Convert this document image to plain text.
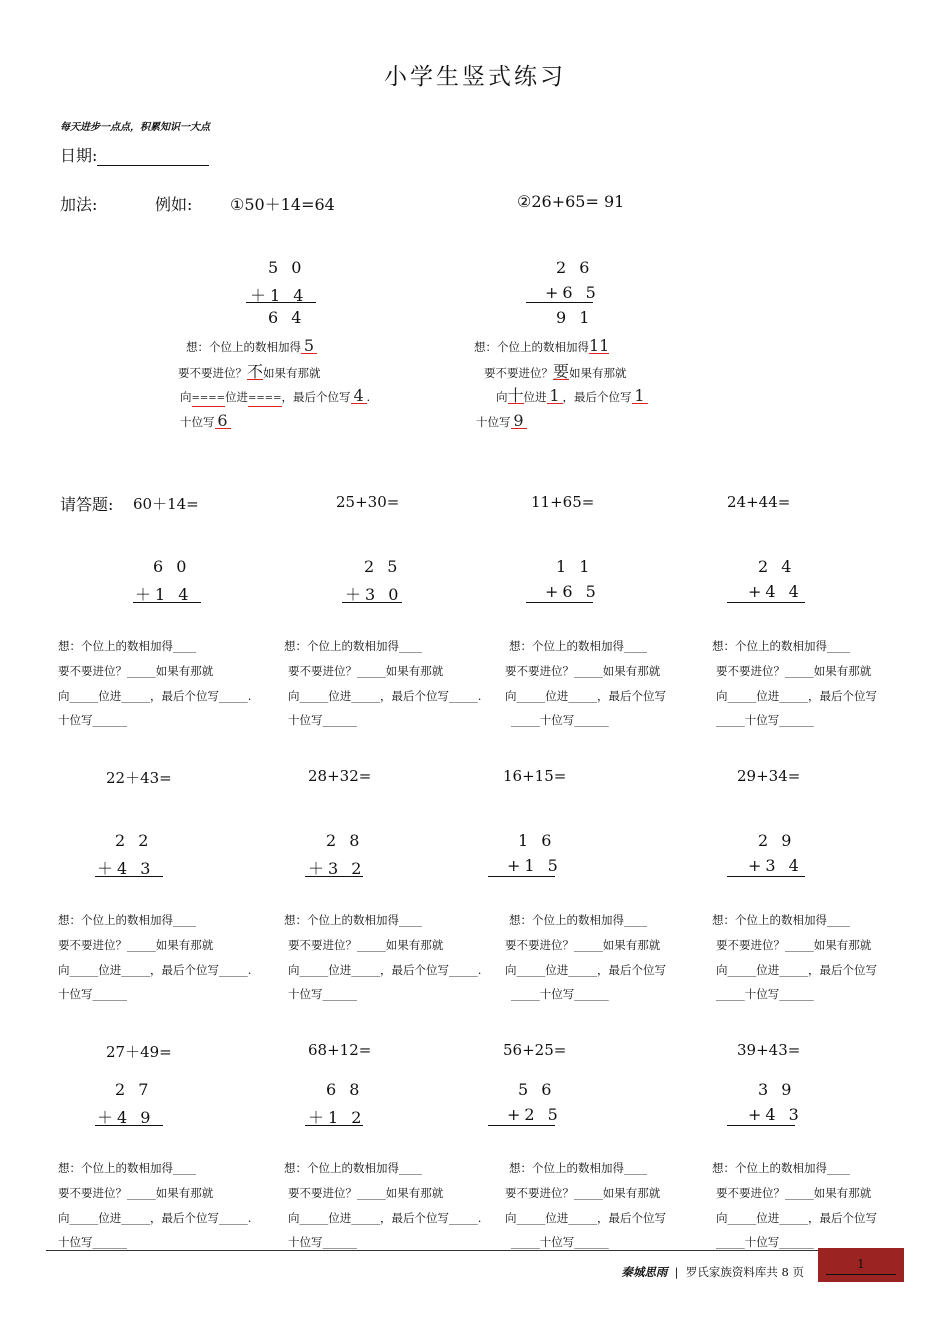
小学生竖式练习
每天进步一点点，积累知识一大点
日期:
加法:	例如: ①50＋14=64	②26+65= 91
5 0
＋1 4
6 4
想：个位上的数相加得 5
要不要进位？不如果有那就
向====位进====，最后个位写 4 .
十位写 6
2 6
+6 5
9 1
想：个位上的数相加得11
要不要进位？要如果有那就
向十位进 1 ，最后个位写 1
十位写 9
请答题: 60＋14=	25+30=	11+65=	24+44=
6 0
＋1 4
2 5
＋3 0
1 1
+6 5
2 4
+4 4
想：个位上的数相加得____
要不要进位？_____如果有那就
向_____位进_____，最后个位写_____.
十位写______
想：个位上的数相加得____
要不要进位？_____如果有那就
向_____位进_____，最后个位写_____.
十位写______
想：个位上的数相加得____
要不要进位？_____如果有那就
向_____位进_____，最后个位写
_____十位写______
想：个位上的数相加得____
要不要进位？_____如果有那就
向_____位进_____，最后个位写
_____十位写______
22＋43=	28+32=	16+15=	29+34=
2 2
＋4 3
2 8
＋3 2
1 6
+1 5
2 9
+3 4
想：个位上的数相加得____
要不要进位？_____如果有那就
向_____位进_____，最后个位写_____.
十位写______
想：个位上的数相加得____
要不要进位？_____如果有那就
向_____位进_____，最后个位写_____.
十位写______
想：个位上的数相加得____
要不要进位？_____如果有那就
向_____位进_____，最后个位写
_____十位写______
想：个位上的数相加得____
要不要进位？_____如果有那就
向_____位进_____，最后个位写
_____十位写______
27＋49=	68+12=	56+25=	39+43=
2 7
＋4 9
6 8
＋1 2
5 6
+2 5
3 9
+4 3
想：个位上的数相加得____
要不要进位？_____如果有那就
向_____位进_____，最后个位写_____.
十位写______
想：个位上的数相加得____
要不要进位？_____如果有那就
向_____位进_____，最后个位写_____.
十位写______
想：个位上的数相加得____
要不要进位？_____如果有那就
向_____位进_____，最后个位写
_____十位写______
想：个位上的数相加得____
要不要进位？_____如果有那就
向_____位进_____，最后个位写
_____十位写______
秦城思雨 | 罗氏家族资料库共 8 页
1
